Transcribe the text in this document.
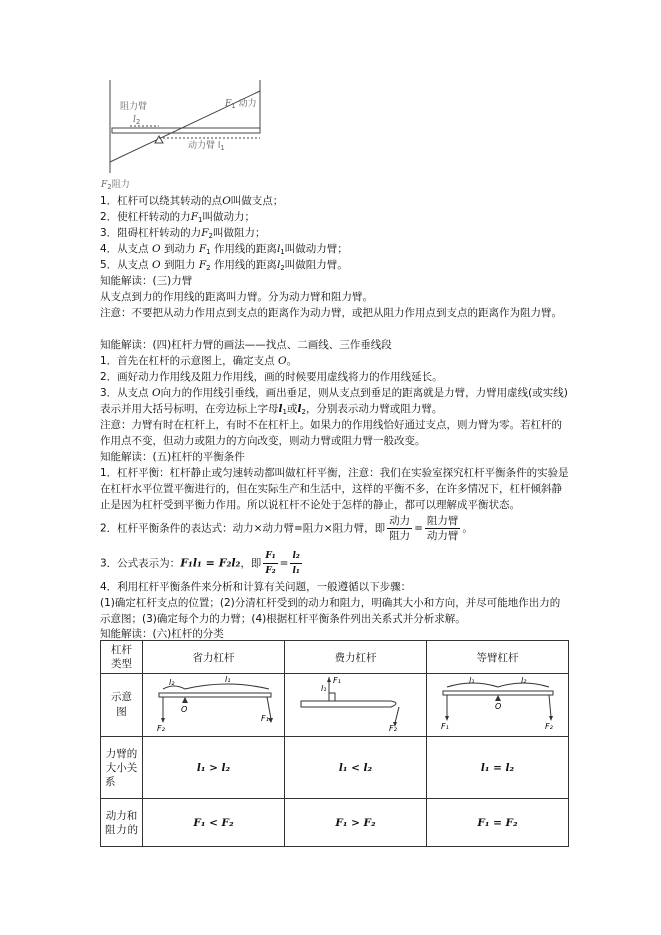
阻力臂
$l_2$
$F_1$ 动力
动力臂 $l_1$
$F_2$阻力
1．杠杆可以绕其转动的点O叫做支点；
2．使杠杆转动的力$F_1$叫做动力；
3．阻碍杠杆转动的力$F_2$叫做阻力；
4．从支点 O 到动力 $F_1$ 作用线的距离$l_1$叫做动力臂；
5．从支点 O 到阻力 $F_2$ 作用线的距离$l_2$叫做阻力臂。
知能解读：(三)力臂
从支点到力的作用线的距离叫力臂。分为动力臂和阻力臂。
注意：不要把从动力作用点到支点的距离作为动力臂，或把从阻力作用点到支点的距离作为阻力臂。
知能解读：(四)杠杆力臂的画法——找点、二画线、三作垂线段
1．首先在杠杆的示意图上，确定支点 O。
2．画好动力作用线及阻力作用线，画的时候要用虚线将力的作用线延长。
3．从支点 O向力的作用线引垂线，画出垂足，则从支点到垂足的距离就是力臂，力臂用虚线(或实线)表示并用大括号标明，在旁边标上字母$l_1$或$l_2$，分别表示动力臂或阻力臂。
注意：力臂有时在杠杆上，有时不在杠杆上。如果力的作用线恰好通过支点，则力臂为零。若杠杆的作用点不变，但动力或阻力的方向改变，则动力臂或阻力臂一般改变。
知能解读：(五)杠杆的平衡条件
1．杠杆平衡：杠杆静止或匀速转动都叫做杠杆平衡，注意：我们在实验室探究杠杆平衡条件的实验是在杠杆水平位置平衡进行的，但在实际生产和生活中，这样的平衡不多，在许多情况下，杠杆倾斜静止是因为杠杆受到平衡力作用。所以说杠杆不论处于怎样的静止，都可以理解成平衡状态。
2．杠杆平衡条件的表达式：动力×动力臂=阻力×阻力臂，即 $\frac{\text{动力}}{\text{阻力}} = \frac{\text{阻力臂}}{\text{动力臂}}$ 。
3．公式表示为：F₁l₁ = F₂l₂，即 $\frac{\text{F₁}}{\text{F₂}} = \frac{\text{l₂}}{\text{l₁}}$
4．利用杠杆平衡条件来分析和计算有关问题，一般遵循以下步骤：
(1)确定杠杆支点的位置；(2)分清杠杆受到的动力和阻力，明确其大小和方向，并尽可能地作出力的示意图；(3)确定每个力的力臂；(4)根据杠杆平衡条件列出关系式并分析求解。
知能解读：(六)杠杆的分类
杠杆类型	省力杠杆	费力杠杆	等臂杠杆
示意图	l₂ l₁
O
F₂
F₁	l₁
F₁
F₂	l₁ l₂
O
F₁ F₂

力臂的大小关系	l₁ > l₂	l₁ < l₂	l₁ = l₂
动力和阻力的	F₁ < F₂	F₁ > F₂	F₁ = F₂
